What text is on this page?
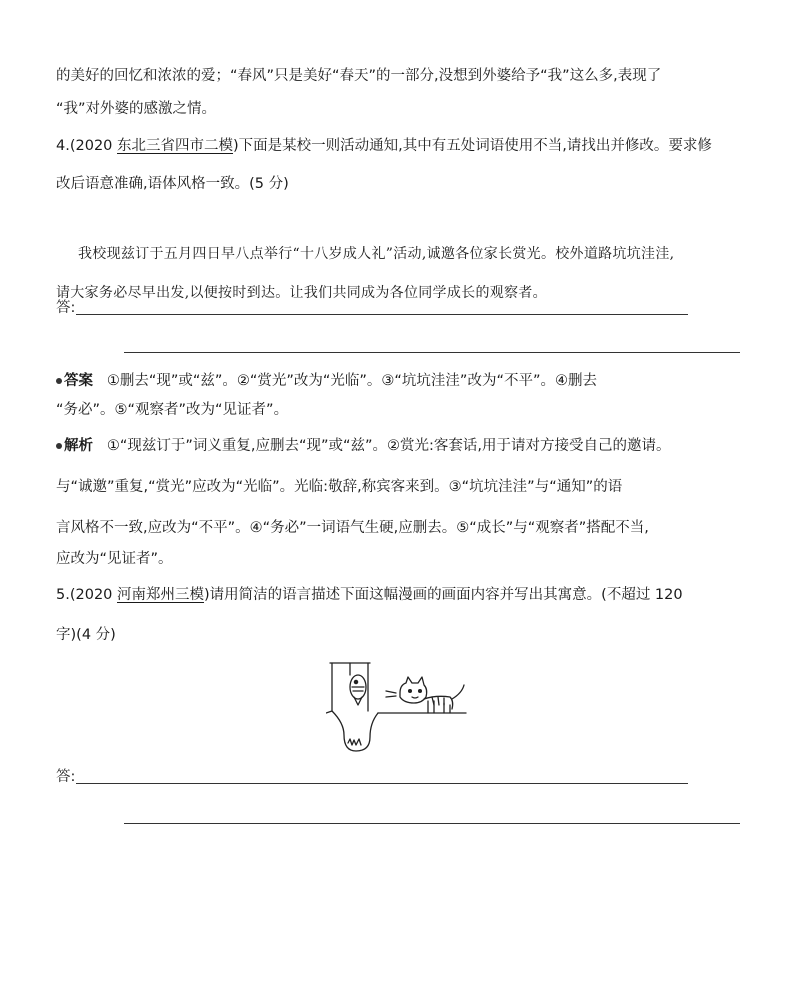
的美好的回忆和浓浓的爱；“春风”只是美好“春天”的一部分,没想到外婆给予“我”这么多,表现了
“我”对外婆的感激之情。
4.(2020 东北三省四市二模)下面是某校一则活动通知,其中有五处词语使用不当,请找出并修改。要求修
改后语意准确,语体风格一致。(5 分)
我校现兹订于五月四日早八点举行“十八岁成人礼”活动,诚邀各位家长赏光。校外道路坑坑洼洼,
请大家务必尽早出发,以便按时到达。让我们共同成为各位同学成长的观察者。
答:
答案 ①删去“现”或“兹”。②“赏光”改为“光临”。③“坑坑洼洼”改为“不平”。④删去
“务必”。⑤“观察者”改为“见证者”。
解析 ①“现兹订于”词义重复,应删去“现”或“兹”。②赏光:客套话,用于请对方接受自己的邀请。
与“诚邀”重复,“赏光”应改为“光临”。光临:敬辞,称宾客来到。③“坑坑洼洼”与“通知”的语
言风格不一致,应改为“不平”。④“务必”一词语气生硬,应删去。⑤“成长”与“观察者”搭配不当,
应改为“见证者”。
5.(2020 河南郑州三模)请用简洁的语言描述下面这幅漫画的画面内容并写出其寓意。(不超过 120
字)(4 分)
答:
